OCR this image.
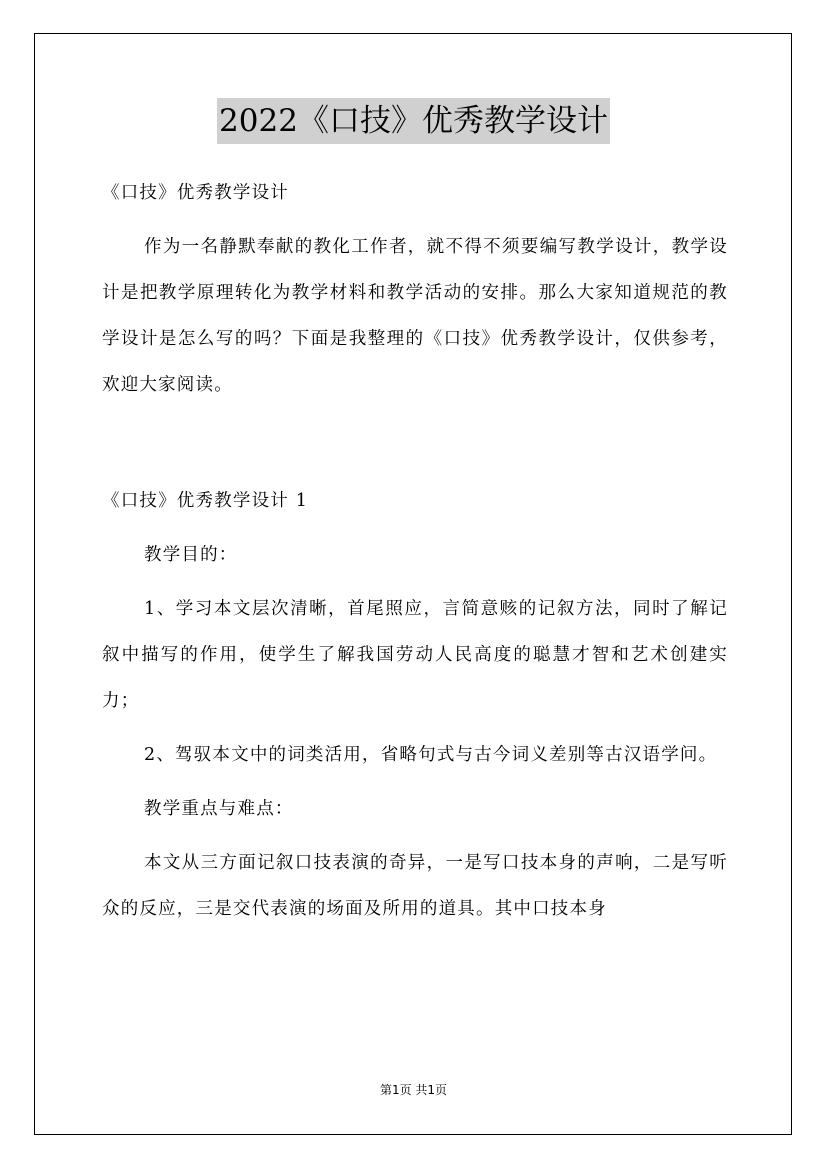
2022《口技》优秀教学设计

《口技》优秀教学设计

作为一名静默奉献的教化工作者，就不得不须要编写教学设计，教学设计是把教学原理转化为教学材料和教学活动的安排。那么大家知道规范的教学设计是怎么写的吗？下面是我整理的《口技》优秀教学设计，仅供参考，欢迎大家阅读。

《口技》优秀教学设计 1

教学目的：

1、学习本文层次清晰，首尾照应，言简意赅的记叙方法，同时了解记叙中描写的作用，使学生了解我国劳动人民高度的聪慧才智和艺术创建实力；

2、驾驭本文中的词类活用，省略句式与古今词义差别等古汉语学问。

教学重点与难点：

本文从三方面记叙口技表演的奇异，一是写口技本身的声响，二是写听众的反应，三是交代表演的场面及所用的道具。其中口技本身

第1页 共1页
